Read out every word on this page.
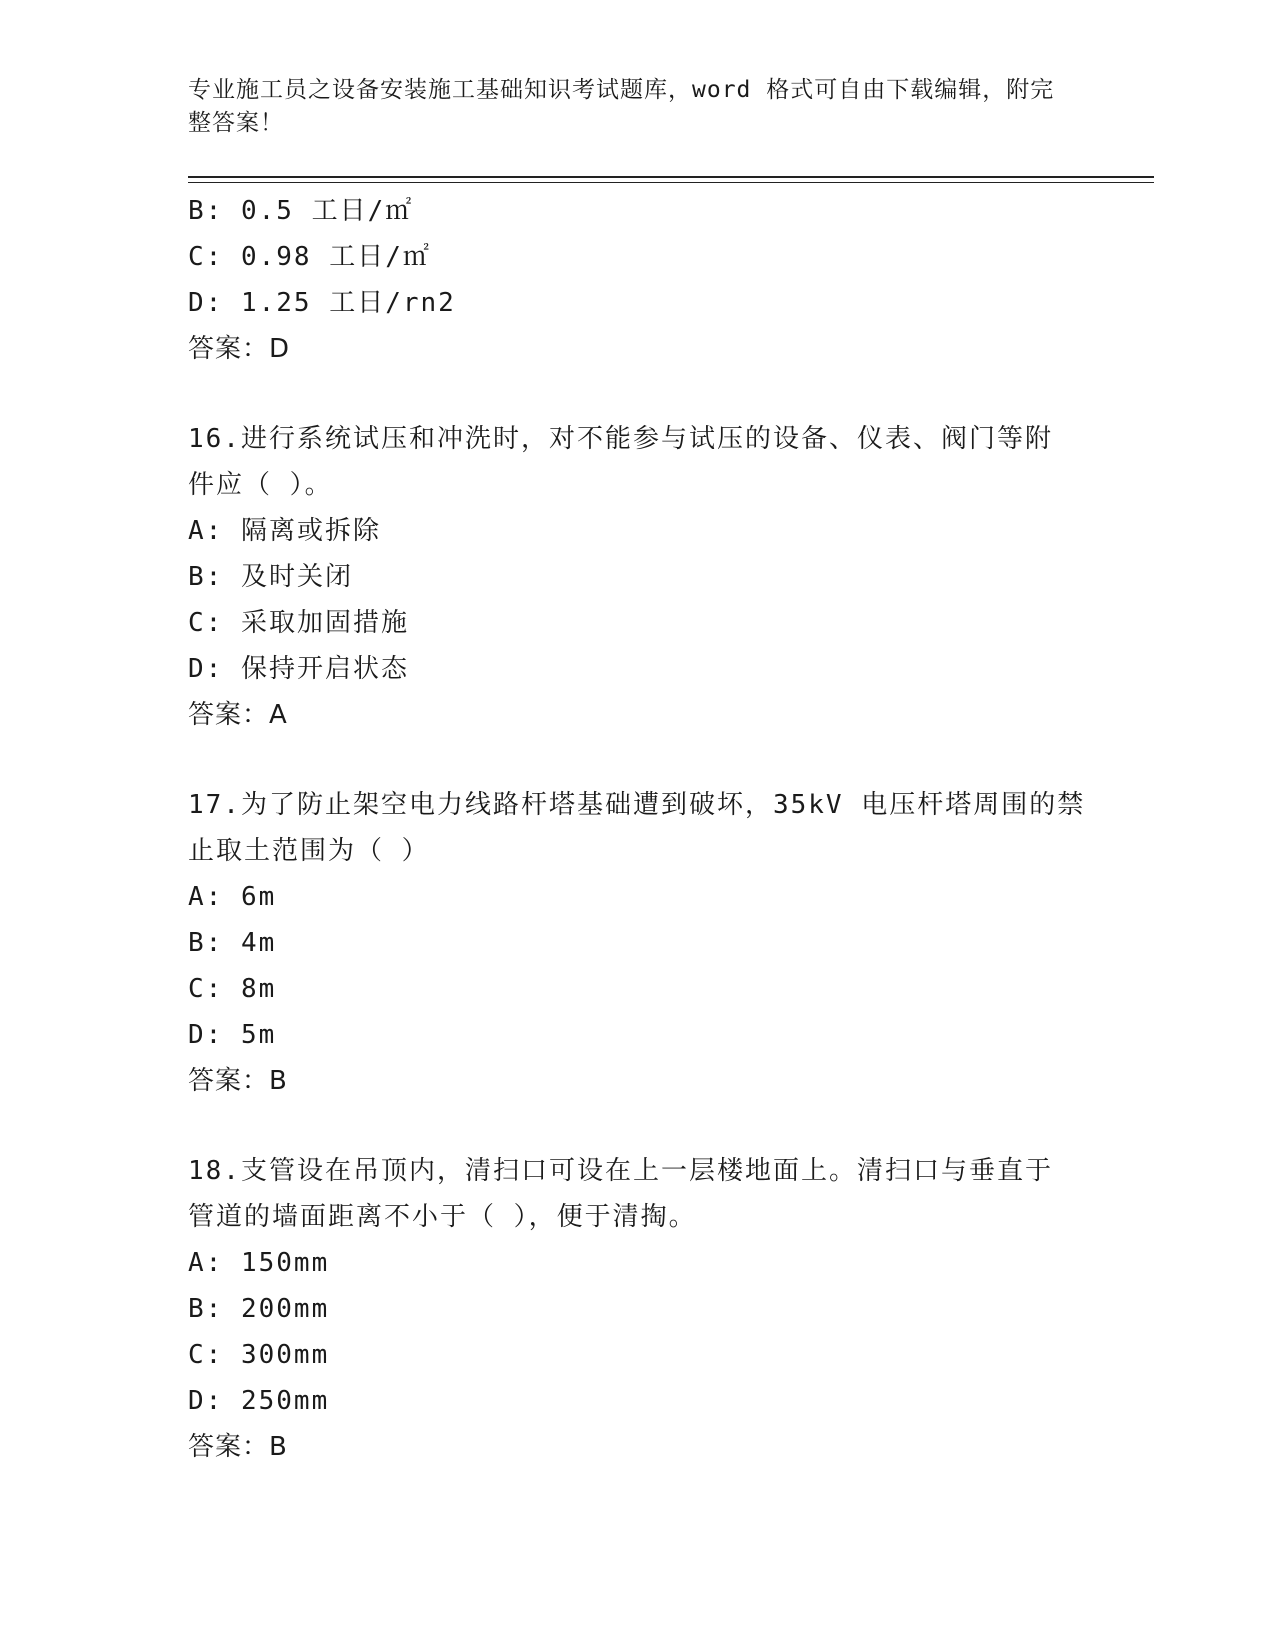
专业施工员之设备安装施工基础知识考试题库，word 格式可自由下载编辑，附完
整答案！
B: 0.5 工日/㎡
C: 0.98 工日/㎡
D: 1.25 工日/rn2
答案：D
16.进行系统试压和冲洗时，对不能参与试压的设备、仪表、阀门等附
件应（ ）。
A: 隔离或拆除
B: 及时关闭
C: 采取加固措施
D: 保持开启状态
答案：A
17.为了防止架空电力线路杆塔基础遭到破坏，35kV 电压杆塔周围的禁
止取土范围为（ ）
A: 6m
B: 4m
C: 8m
D: 5m
答案：B
18.支管设在吊顶内，清扫口可设在上一层楼地面上。清扫口与垂直于
管道的墙面距离不小于（ ），便于清掏。
A: 150mm
B: 200mm
C: 300mm
D: 250mm
答案：B
